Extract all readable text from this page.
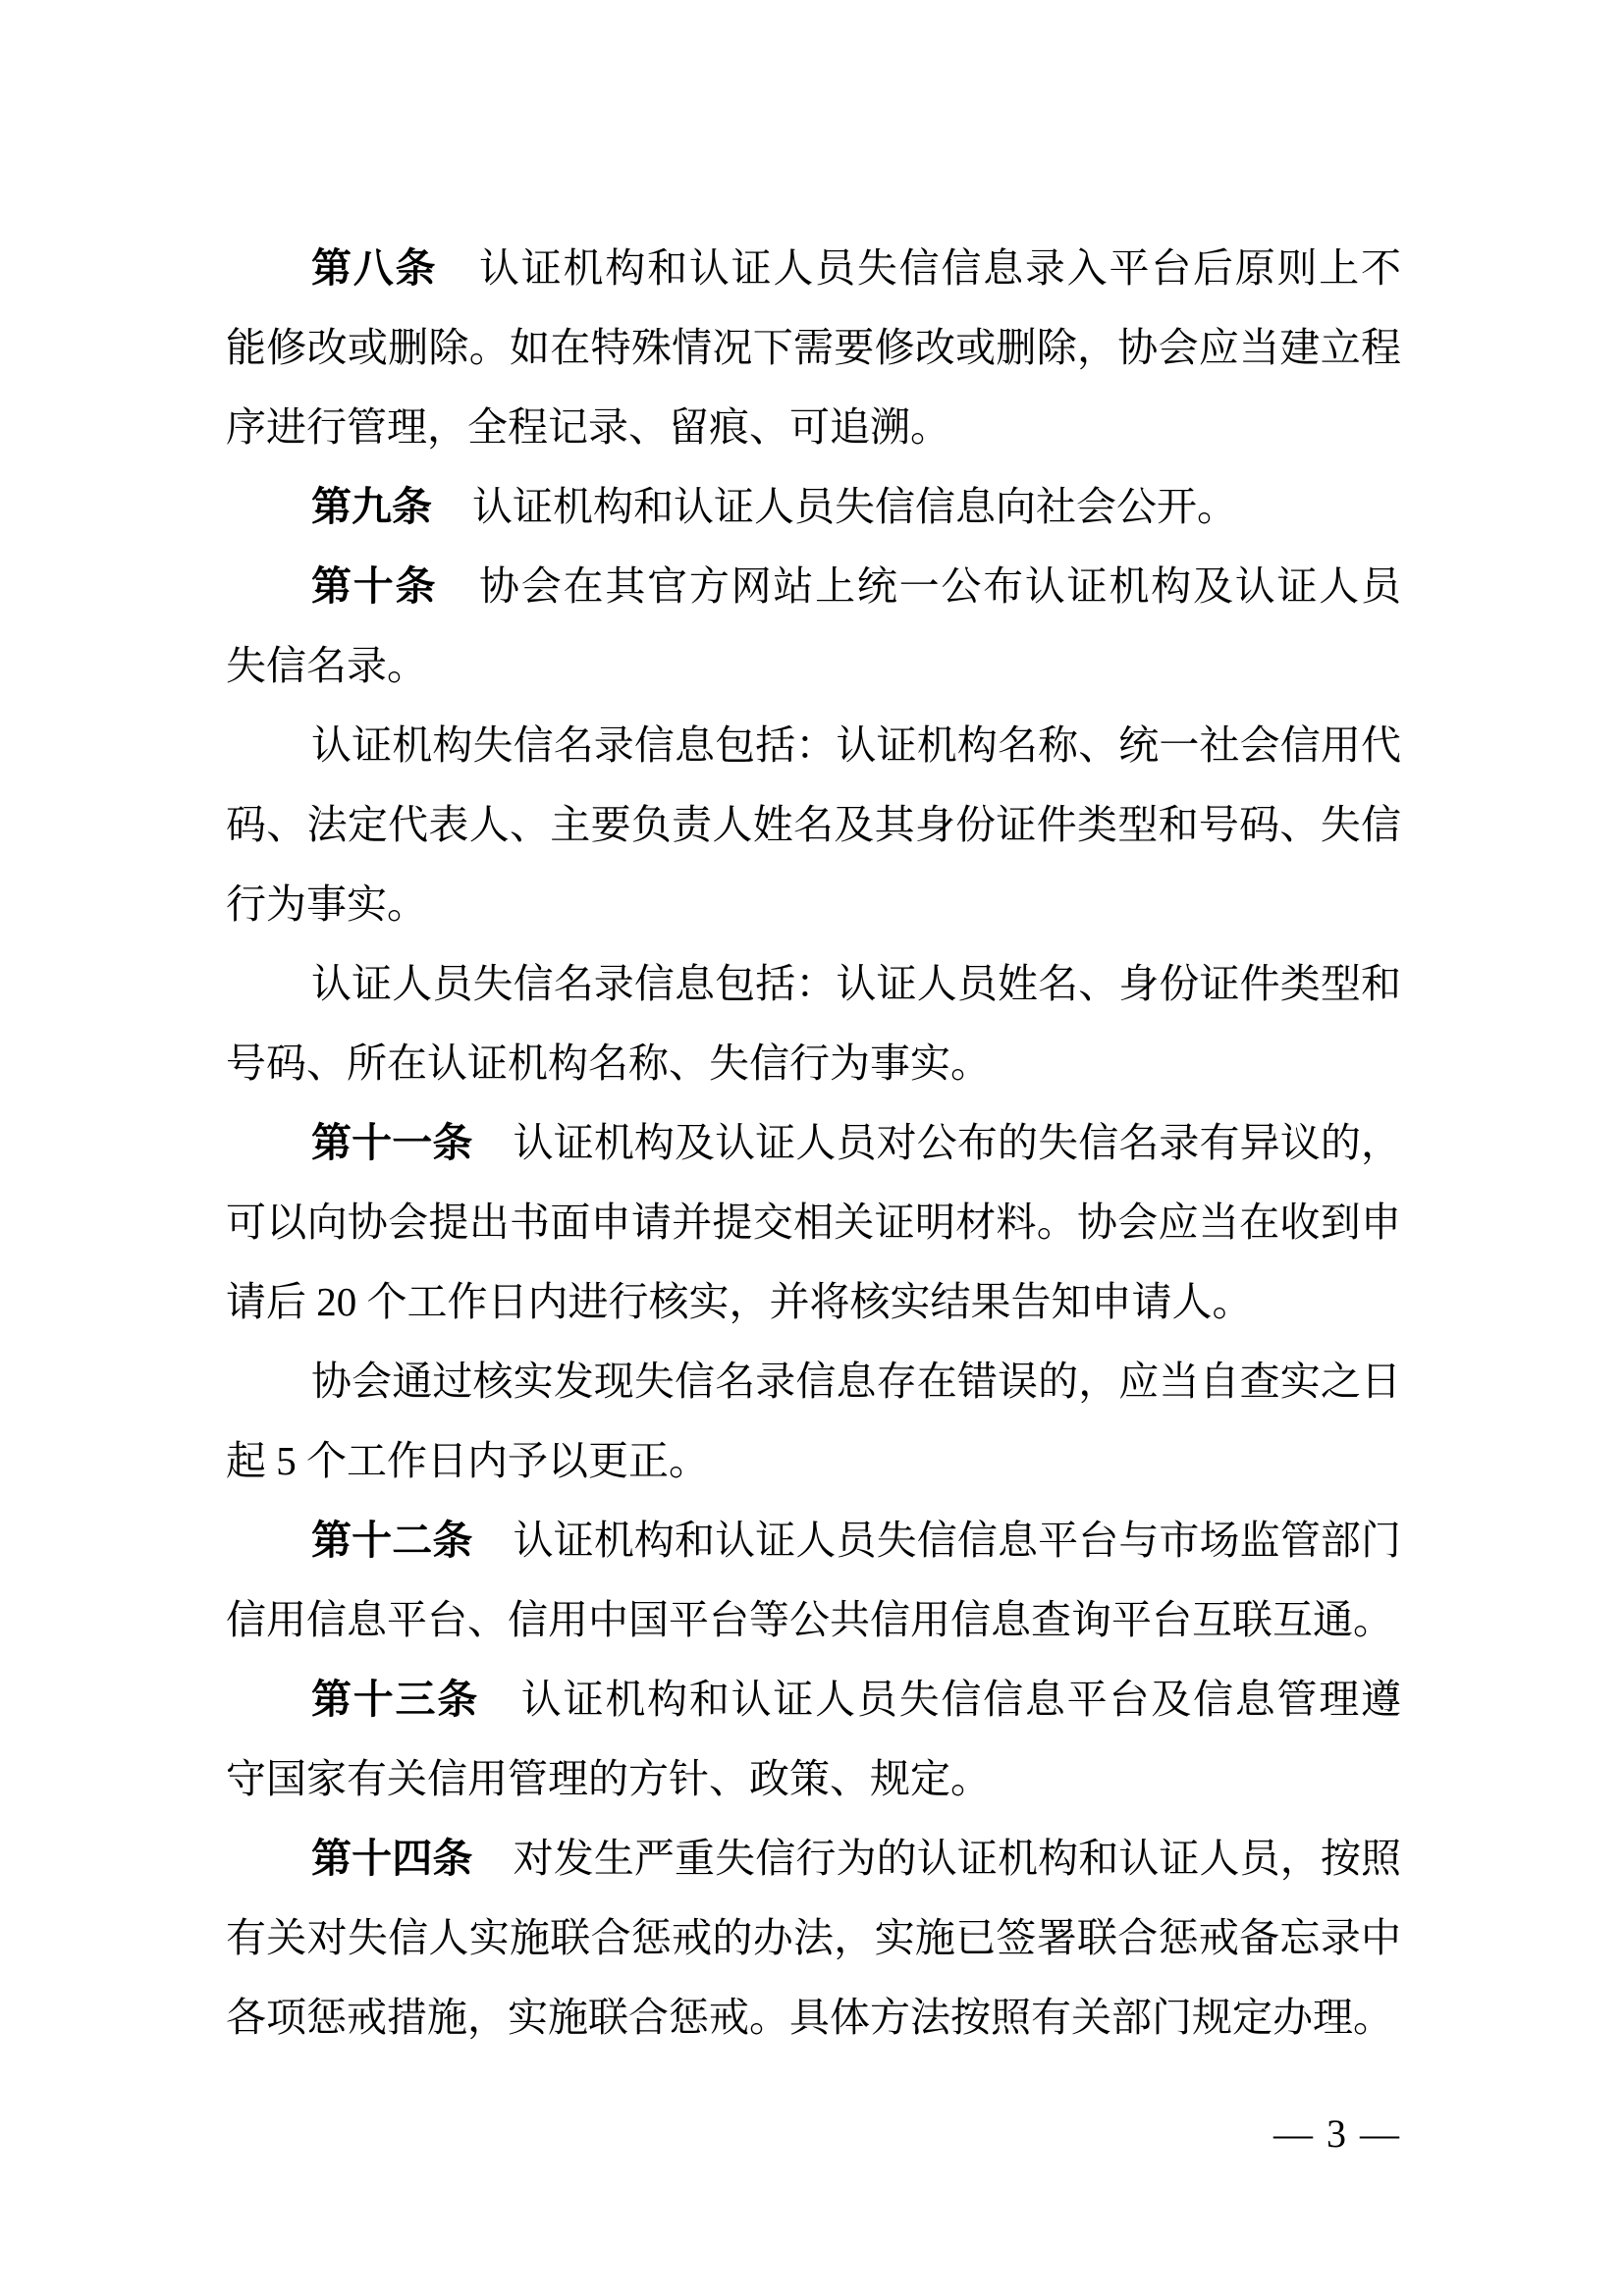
第八条　认证机构和认证人员失信信息录入平台后原则上不
能修改或删除。如在特殊情况下需要修改或删除，协会应当建立程
序进行管理，全程记录、留痕、可追溯。
第九条　认证机构和认证人员失信信息向社会公开。
第十条　协会在其官方网站上统一公布认证机构及认证人员
失信名录。
认证机构失信名录信息包括：认证机构名称、统一社会信用代
码、法定代表人、主要负责人姓名及其身份证件类型和号码、失信
行为事实。
认证人员失信名录信息包括：认证人员姓名、身份证件类型和
号码、所在认证机构名称、失信行为事实。
第十一条　认证机构及认证人员对公布的失信名录有异议的，
可以向协会提出书面申请并提交相关证明材料。协会应当在收到申
请后 20 个工作日内进行核实，并将核实结果告知申请人。
协会通过核实发现失信名录信息存在错误的，应当自查实之日
起 5 个工作日内予以更正。
第十二条　认证机构和认证人员失信信息平台与市场监管部门
信用信息平台、信用中国平台等公共信用信息查询平台互联互通。
第十三条　认证机构和认证人员失信信息平台及信息管理遵
守国家有关信用管理的方针、政策、规定。
第十四条　对发生严重失信行为的认证机构和认证人员，按照
有关对失信人实施联合惩戒的办法，实施已签署联合惩戒备忘录中
各项惩戒措施，实施联合惩戒。具体方法按照有关部门规定办理。
— 3 —
